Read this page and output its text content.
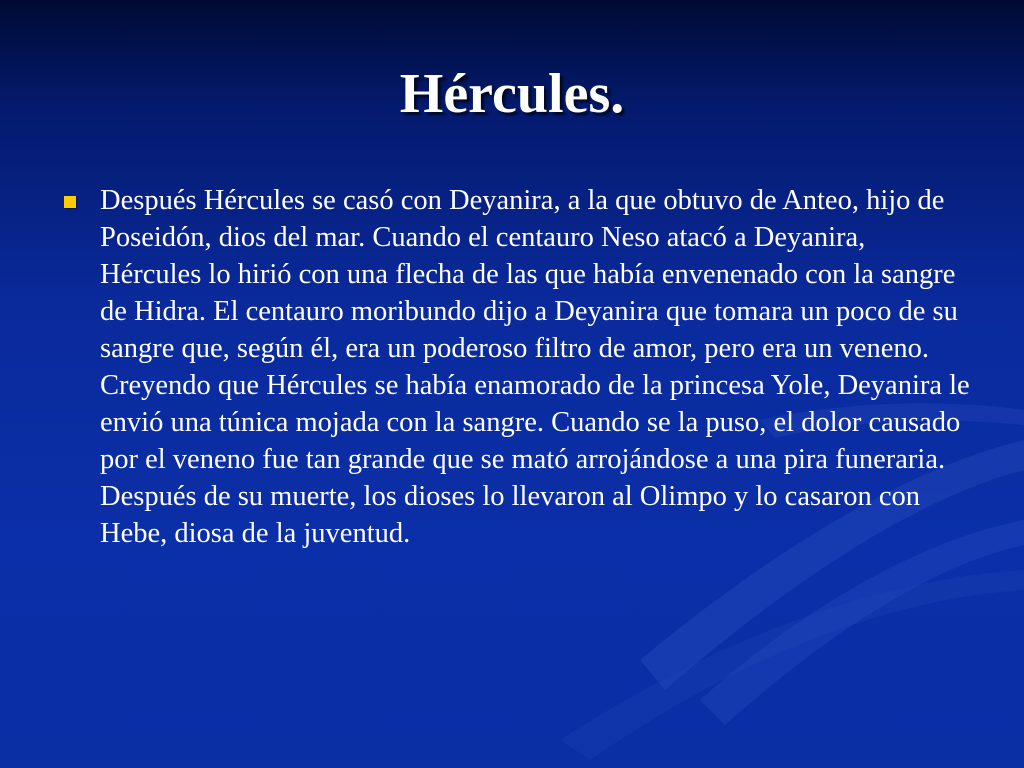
Hércules.

Después Hércules se casó con Deyanira, a la que obtuvo de Anteo, hijo de Poseidón, dios del mar. Cuando el centauro Neso atacó a Deyanira, Hércules lo hirió con una flecha de las que había envenenado con la sangre de Hidra. El centauro moribundo dijo a Deyanira que tomara un poco de su sangre que, según él, era un poderoso filtro de amor, pero era un veneno. Creyendo que Hércules se había enamorado de la princesa Yole, Deyanira le envió una túnica mojada con la sangre. Cuando se la puso, el dolor causado por el veneno fue tan grande que se mató arrojándose a una pira funeraria. Después de su muerte, los dioses lo llevaron al Olimpo y lo casaron con Hebe, diosa de la juventud.
